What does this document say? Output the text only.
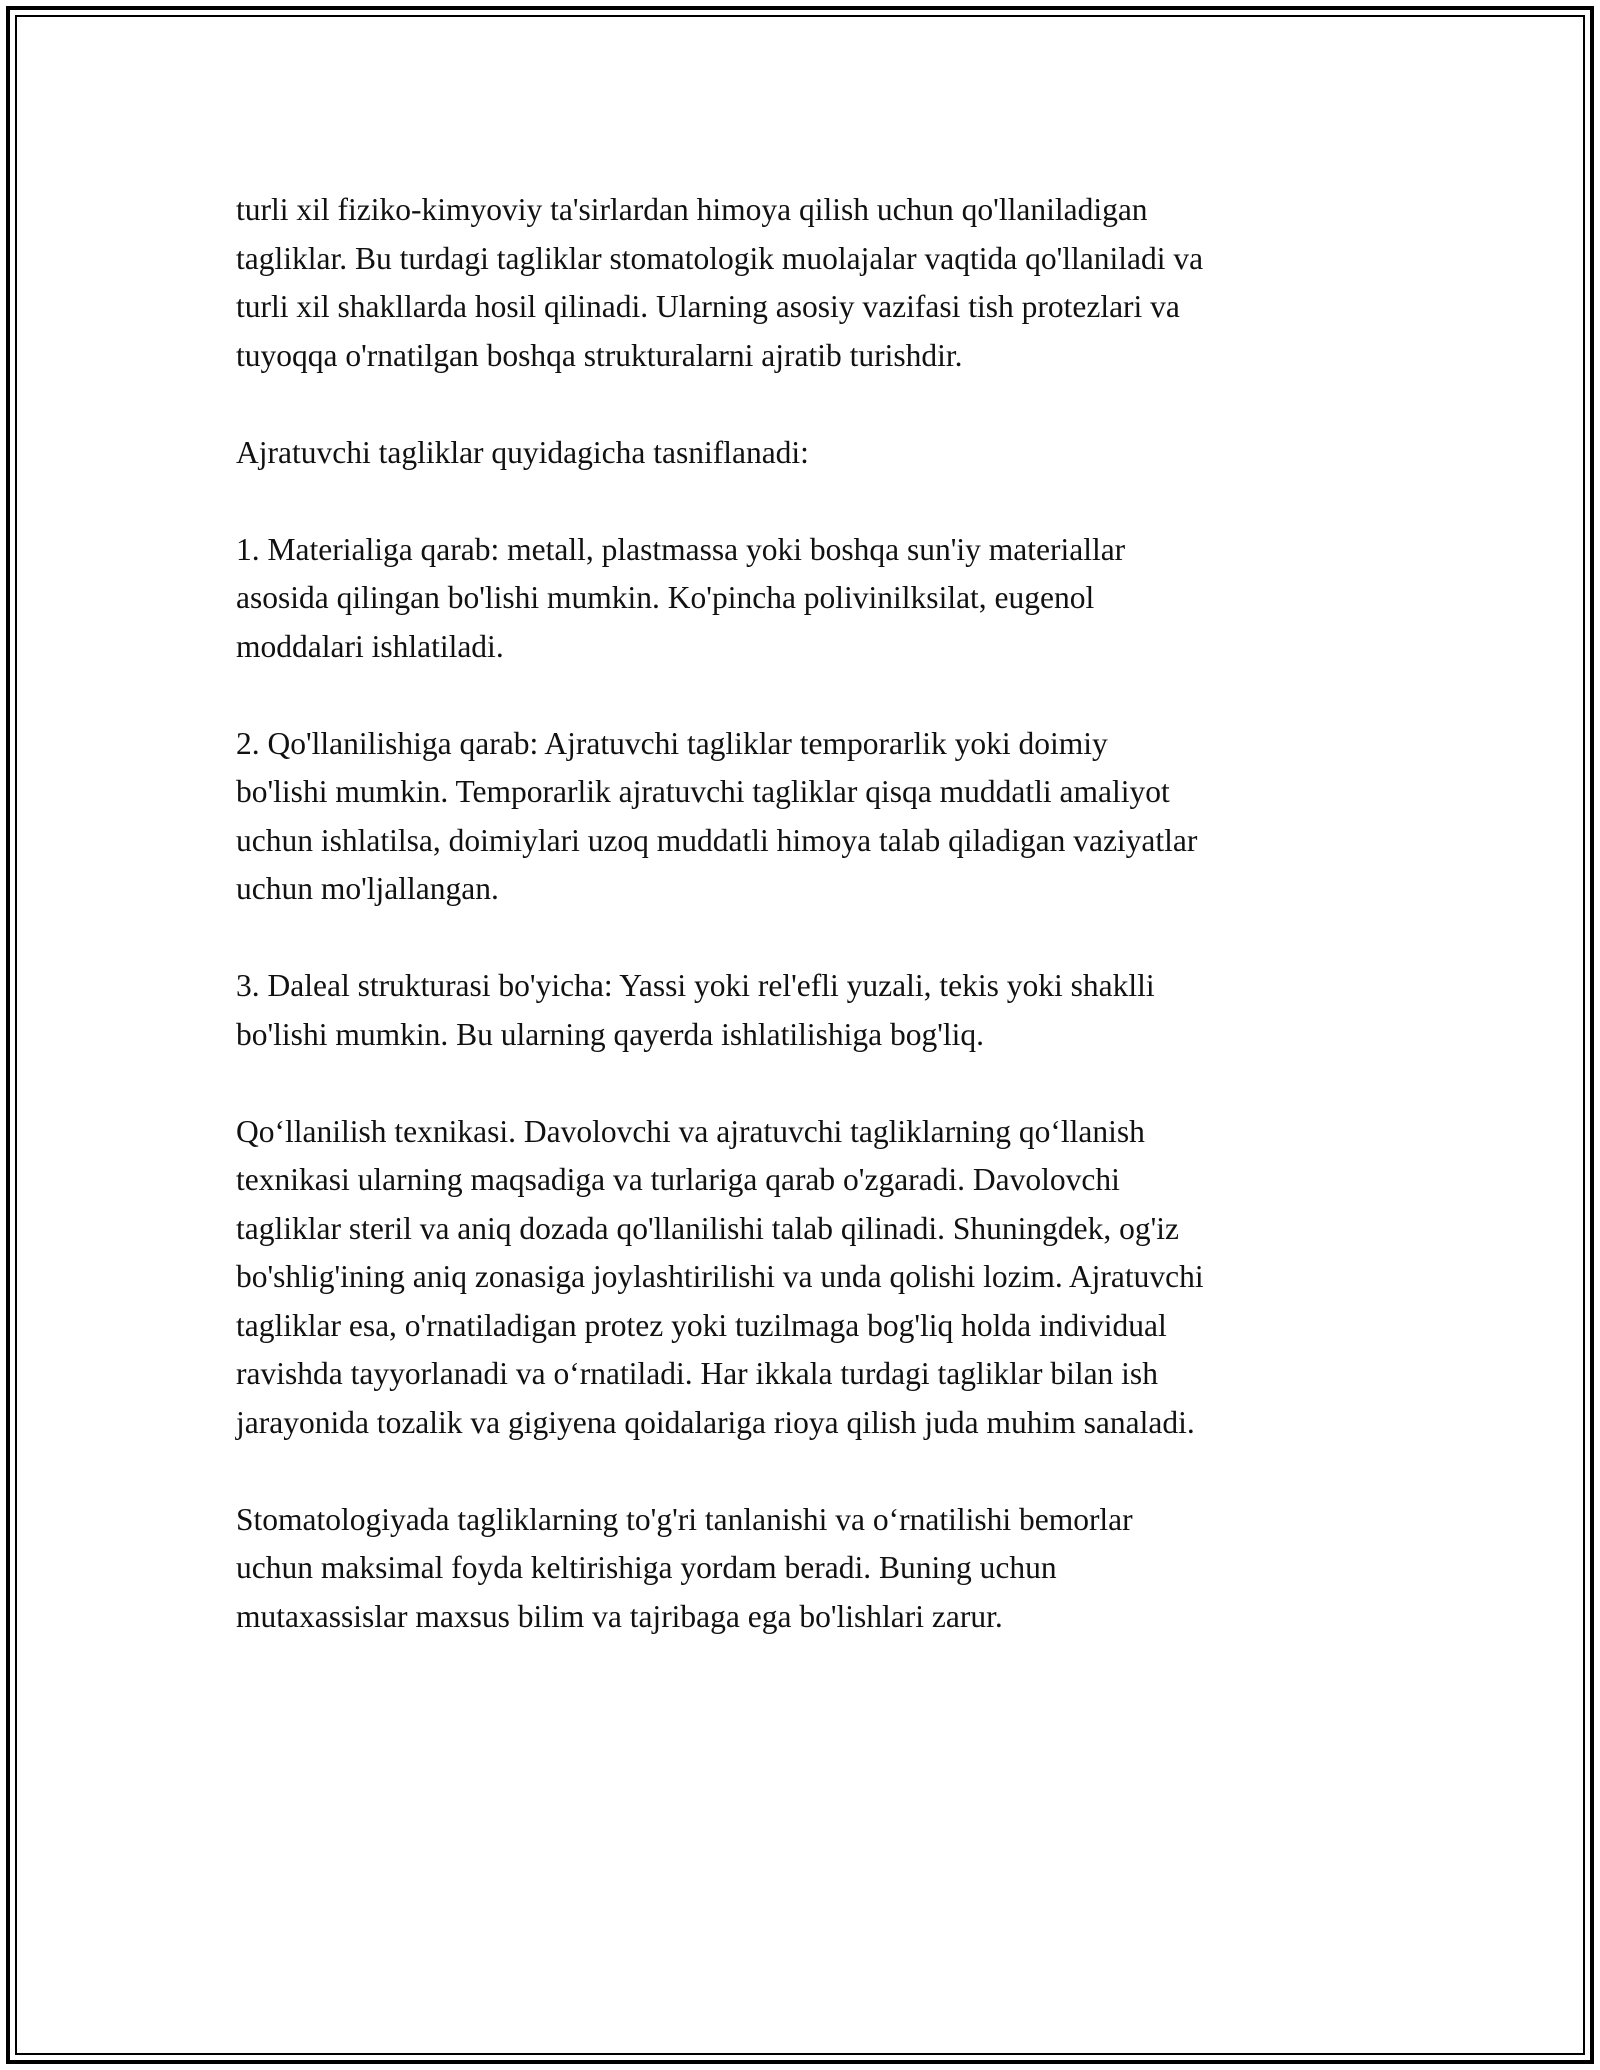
turli xil fiziko-kimyoviy ta'sirlardan himoya qilish uchun qo'llaniladigan
tagliklar. Bu turdagi tagliklar stomatologik muolajalar vaqtida qo'llaniladi va
turli xil shakllarda hosil qilinadi. Ularning asosiy vazifasi tish protezlari va
tuyoqqa o'rnatilgan boshqa strukturalarni ajratib turishdir.

Ajratuvchi tagliklar quyidagicha tasniflanadi:

1. Materialiga qarab: metall, plastmassa yoki boshqa sun'iy materiallar
asosida qilingan bo'lishi mumkin. Ko'pincha polivinilksilat, eugenol
moddalari ishlatiladi.

2. Qo'llanilishiga qarab: Ajratuvchi tagliklar temporarlik yoki doimiy
bo'lishi mumkin. Temporarlik ajratuvchi tagliklar qisqa muddatli amaliyot
uchun ishlatilsa, doimiylari uzoq muddatli himoya talab qiladigan vaziyatlar
uchun mo'ljallangan.

3. Daleal strukturasi bo'yicha: Yassi yoki rel'efli yuzali, tekis yoki shaklli
bo'lishi mumkin. Bu ularning qayerda ishlatilishiga bog'liq.

Qo‘llanilish texnikasi. Davolovchi va ajratuvchi tagliklarning qo‘llanish
texnikasi ularning maqsadiga va turlariga qarab o'zgaradi. Davolovchi
tagliklar steril va aniq dozada qo'llanilishi talab qilinadi. Shuningdek, og'iz
bo'shlig'ining aniq zonasiga joylashtirilishi va unda qolishi lozim. Ajratuvchi
tagliklar esa, o'rnatiladigan protez yoki tuzilmaga bog'liq holda individual
ravishda tayyorlanadi va o‘rnatiladi. Har ikkala turdagi tagliklar bilan ish
jarayonida tozalik va gigiyena qoidalariga rioya qilish juda muhim sanaladi.

Stomatologiyada tagliklarning to'g'ri tanlanishi va o‘rnatilishi bemorlar
uchun maksimal foyda keltirishiga yordam beradi. Buning uchun
mutaxassislar maxsus bilim va tajribaga ega bo'lishlari zarur.
